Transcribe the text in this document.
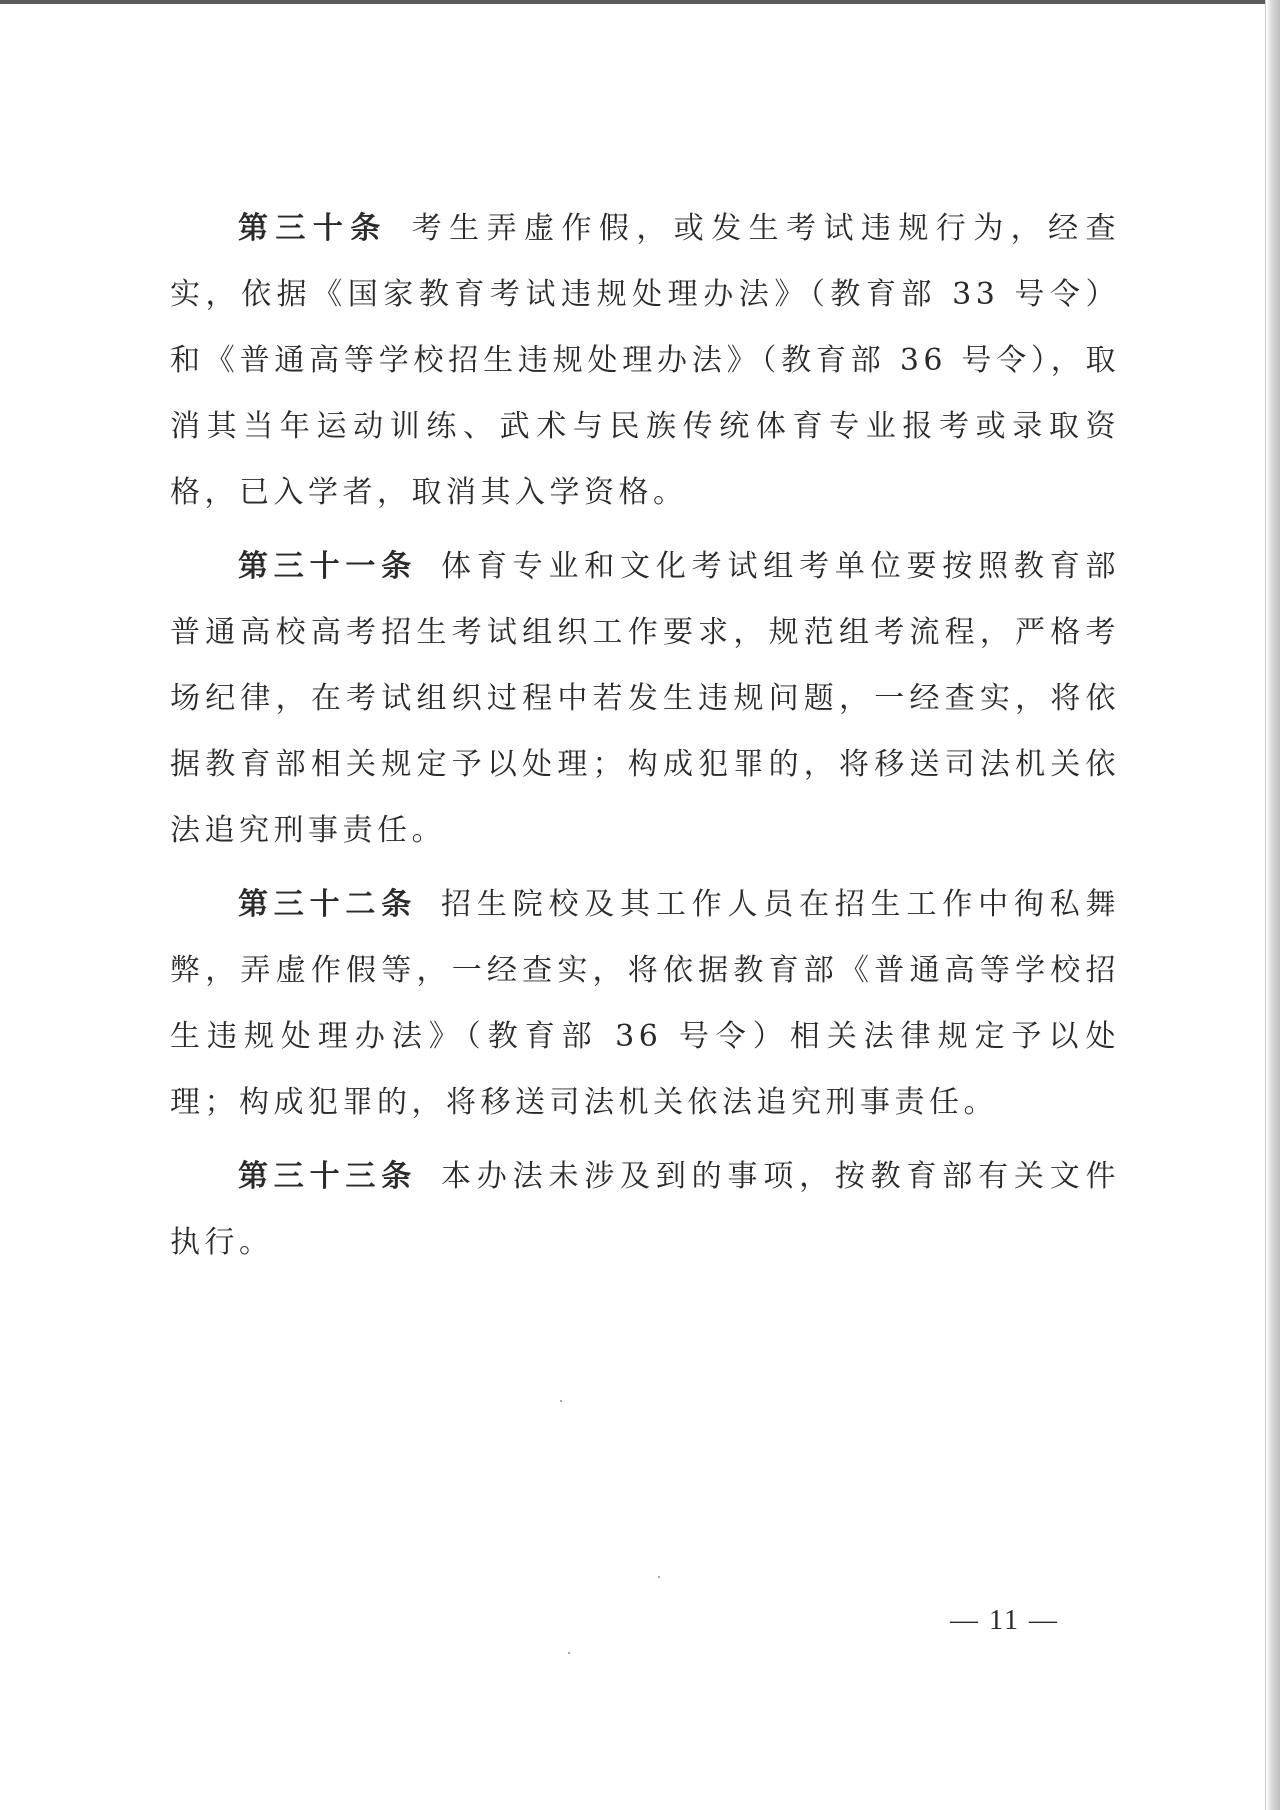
第三十条 考生弄虚作假，或发生考试违规行为，经查实，依据《国家教育考试违规处理办法》（教育部 33 号令）和《普通高等学校招生违规处理办法》（教育部 36 号令），取消其当年运动训练、武术与民族传统体育专业报考或录取资格，已入学者，取消其入学资格。

第三十一条 体育专业和文化考试组考单位要按照教育部普通高校高考招生考试组织工作要求，规范组考流程，严格考场纪律，在考试组织过程中若发生违规问题，一经查实，将依据教育部相关规定予以处理；构成犯罪的，将移送司法机关依法追究刑事责任。

第三十二条 招生院校及其工作人员在招生工作中徇私舞弊，弄虚作假等，一经查实，将依据教育部《普通高等学校招生违规处理办法》（教育部 36 号令）相关法律规定予以处理；构成犯罪的，将移送司法机关依法追究刑事责任。

第三十三条 本办法未涉及到的事项，按教育部有关文件执行。

— 11 —
